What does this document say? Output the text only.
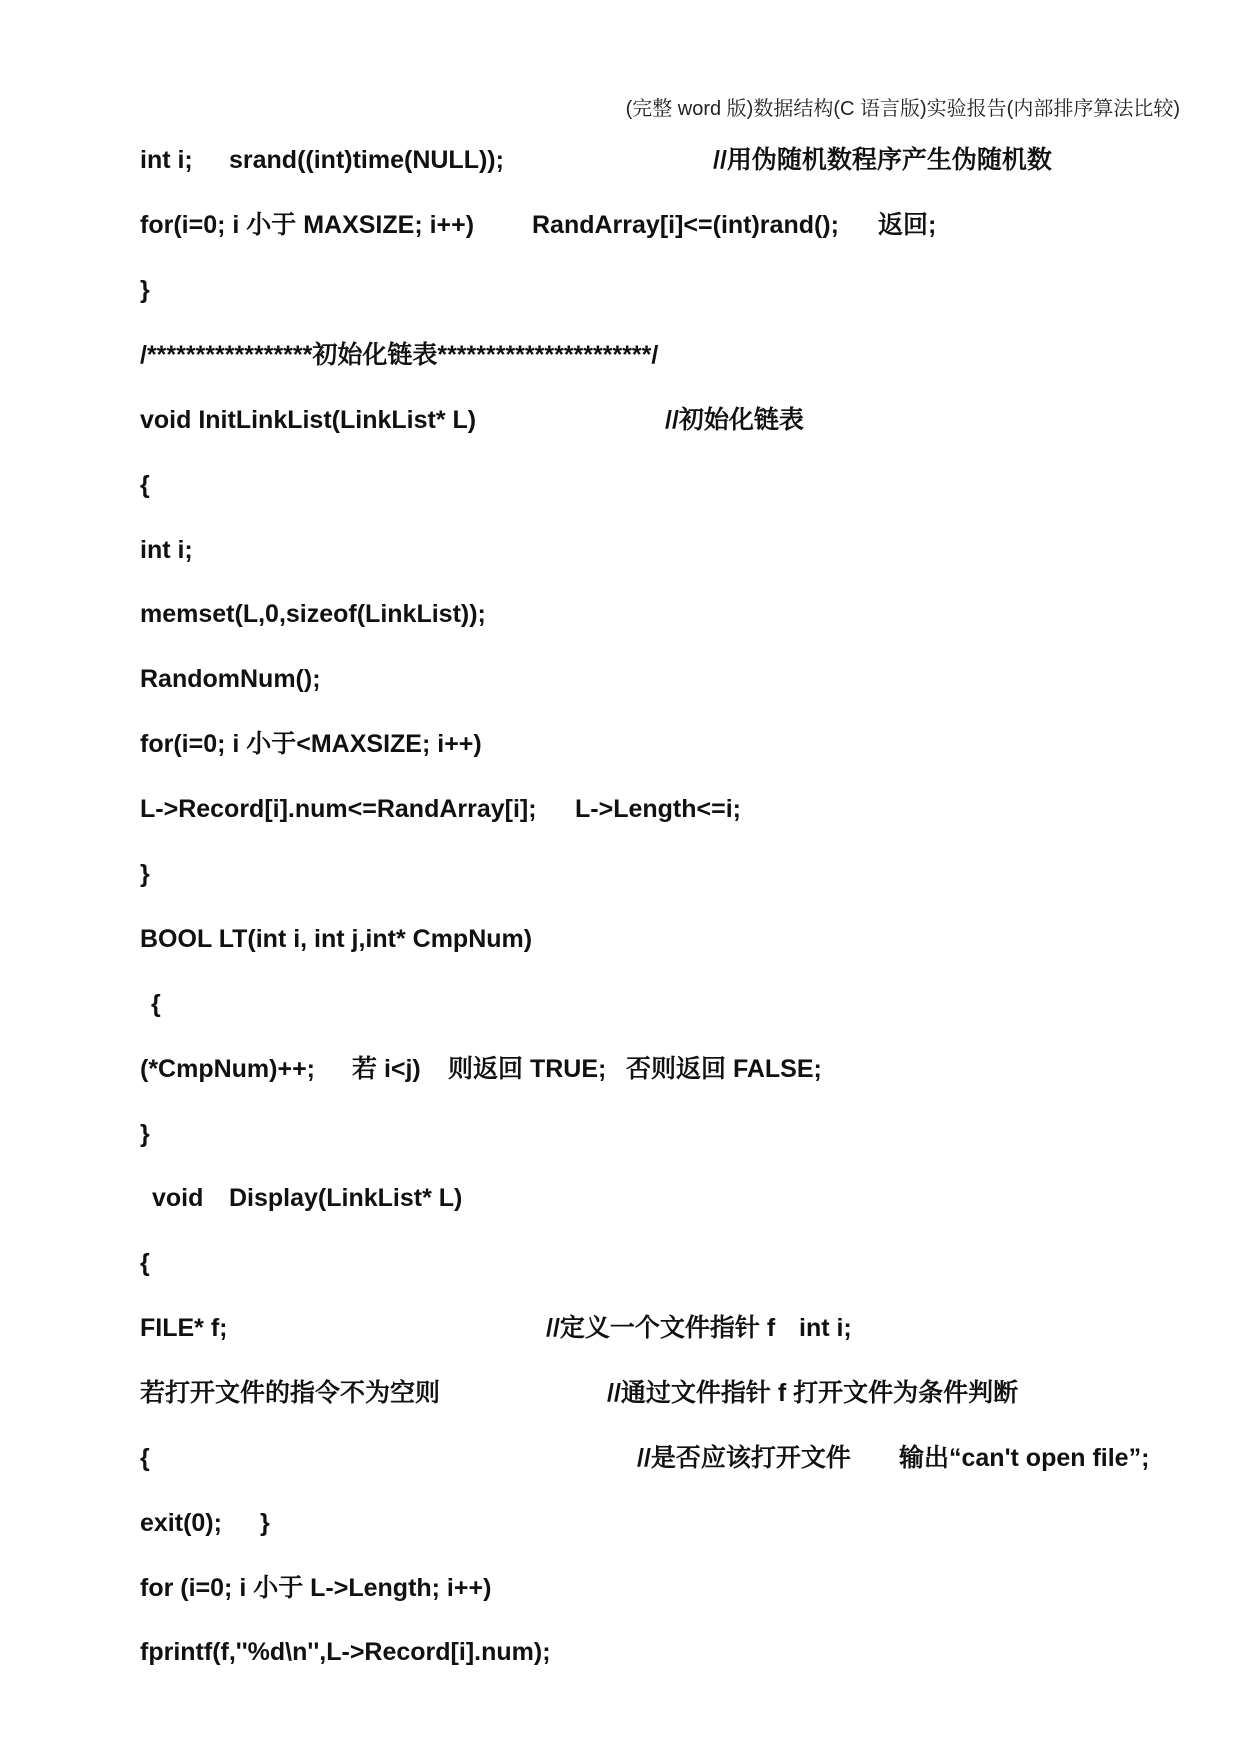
(完整 word 版)数据结构(C 语言版)实验报告(内部排序算法比较)
int i; srand((int)time(NULL));	//用伪随机数程序产生伪随机数
for(i=0; i 小于 MAXSIZE; i++) RandArray[i]<=(int)rand(); 返回;
}
/*****************初始化链表**********************/
void InitLinkList(LinkList* L)	//初始化链表
{
int i;
memset(L,0,sizeof(LinkList));
RandomNum();
for(i=0; i 小于<MAXSIZE; i++)
L->Record[i].num<=RandArray[i]; L->Length<=i;
}
BOOL LT(int i, int j,int* CmpNum)
{
(*CmpNum)++; 若 i<j) 则返回 TRUE; 否则返回 FALSE;
}
void Display(LinkList* L)
{
FILE* f;	//定义一个文件指针 f int i;
若打开文件的指令不为空则	//通过文件指针 f 打开文件为条件判断
{	//是否应该打开文件 输出“can't open file”;
exit(0); }
for (i=0; i 小于 L->Length; i++)
fprintf(f,''%d\n'',L->Record[i].num);
